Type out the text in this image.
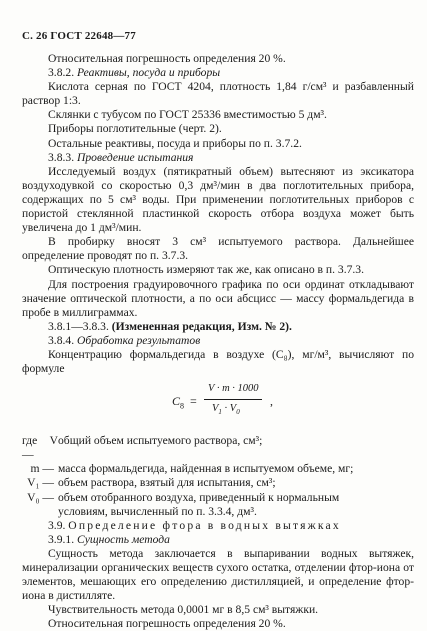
С. 26 ГОСТ 22648—77

Относительная погрешность определения 20 %.

3.8.2. Реактивы, посуда и приборы

Кислота серная по ГОСТ 4204, плотность 1,84 г/см³ и разбавленный раствор 1:3.

Склянки с тубусом по ГОСТ 25336 вместимостью 5 дм³.

Приборы поглотительные (черт. 2).

Остальные реактивы, посуда и приборы по п. 3.7.2.

3.8.3. Проведение испытания

Исследуемый воздух (пятикратный объем) вытесняют из эксикатора воздуходувкой со скоростью 0,3 дм³/мин в два поглотительных прибора, содержащих по 5 см³ воды. При применении поглотительных приборов с пористой стеклянной пластинкой скорость отбора воздуха может быть увеличена до 1 дм³/мин.

В пробирку вносят 3 см³ испытуемого раствора. Дальнейшее определение проводят по п. 3.7.3.

Оптическую плотность измеряют так же, как описано в п. 3.7.3.

Для построения градуировочного графика по оси ординат откладывают значение оптической плотности, а по оси абсцисс — массу формальдегида в пробе в миллиграммах.

3.8.1—3.8.3. (Измененная редакция, Изм. № 2).

3.8.4. Обработка результатов

Концентрацию формальдегида в воздухе (C₈), мг/м³, вычисляют по формуле

$C_8$ =
V · m · 1000
$V_1 \cdot V_0$
,
где V —
общий объем испытуемого раствора, см³;
m — масса формальдегида, найденная в испытуемом объеме, мг;
V₁ — объем раствора, взятый для испытания, см³;
V₀ — объем отобранного воздуха, приведенный к нормальным
условиям, вычисленный по п. 3.3.4, дм³.

3.9. Определение фтора в водных вытяжках

3.9.1. Сущность метода

Сущность метода заключается в выпаривании водных вытяжек, минерализации органических веществ сухого остатка, отделении фтор-иона от элементов, мешающих его определению дистилляцией, и определение фтор-иона в дистилляте.

Чувствительность метода 0,0001 мг в 8,5 см³ вытяжки.

Относительная погрешность определения 20 %.
